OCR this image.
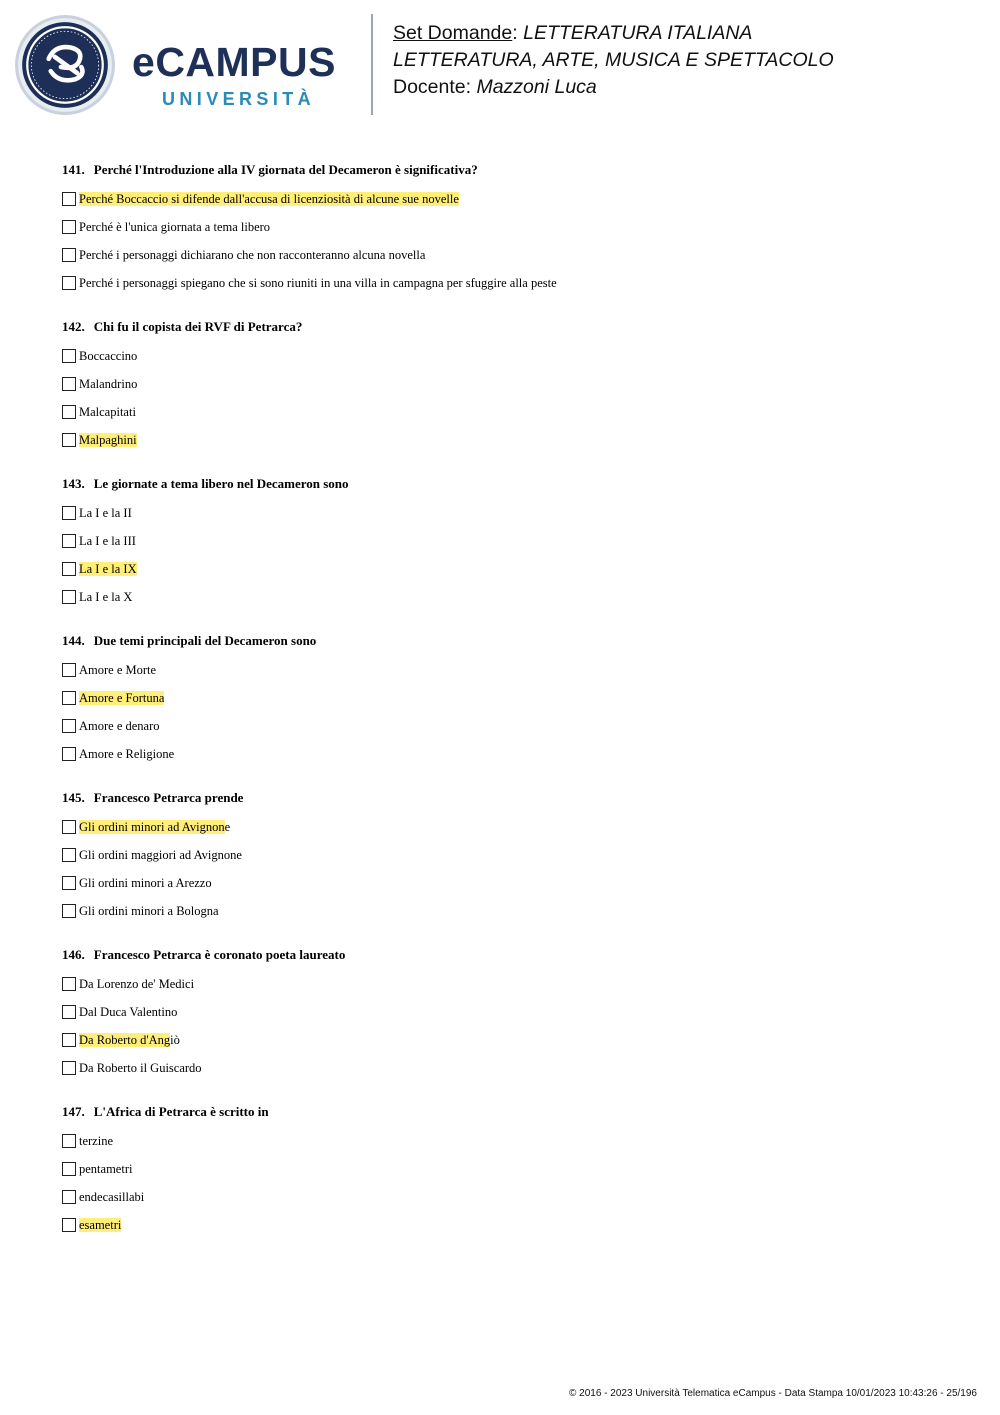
eCAMPUS
UNIVERSITÀ
Set Domande: LETTERATURA ITALIANA
LETTERATURA, ARTE, MUSICA E SPETTACOLO
Docente: Mazzoni Luca
141. Perché l'Introduzione alla IV giornata del Decameron è significativa?
Perché Boccaccio si difende dall'accusa di licenziosità di alcune sue novelle
Perché è l'unica giornata a tema libero
Perché i personaggi dichiarano che non racconteranno alcuna novella
Perché i personaggi spiegano che si sono riuniti in una villa in campagna per sfuggire alla peste
142. Chi fu il copista dei RVF di Petrarca?
Boccaccino
Malandrino
Malcapitati
Malpaghini
143. Le giornate a tema libero nel Decameron sono
La I e la II
La I e la III
La I e la IX
La I e la X
144. Due temi principali del Decameron sono
Amore e Morte
Amore e Fortuna
Amore e denaro
Amore e Religione
145. Francesco Petrarca prende
Gli ordini minori ad Avignone
Gli ordini maggiori ad Avignone
Gli ordini minori a Arezzo
Gli ordini minori a Bologna
146. Francesco Petrarca è coronato poeta laureato
Da Lorenzo de' Medici
Dal Duca Valentino
Da Roberto d'Angiò
Da Roberto il Guiscardo
147. L'Africa di Petrarca è scritto in
terzine
pentametri
endecasillabi
esametri
© 2016 - 2023 Università Telematica eCampus - Data Stampa 10/01/2023 10:43:26 - 25/196
